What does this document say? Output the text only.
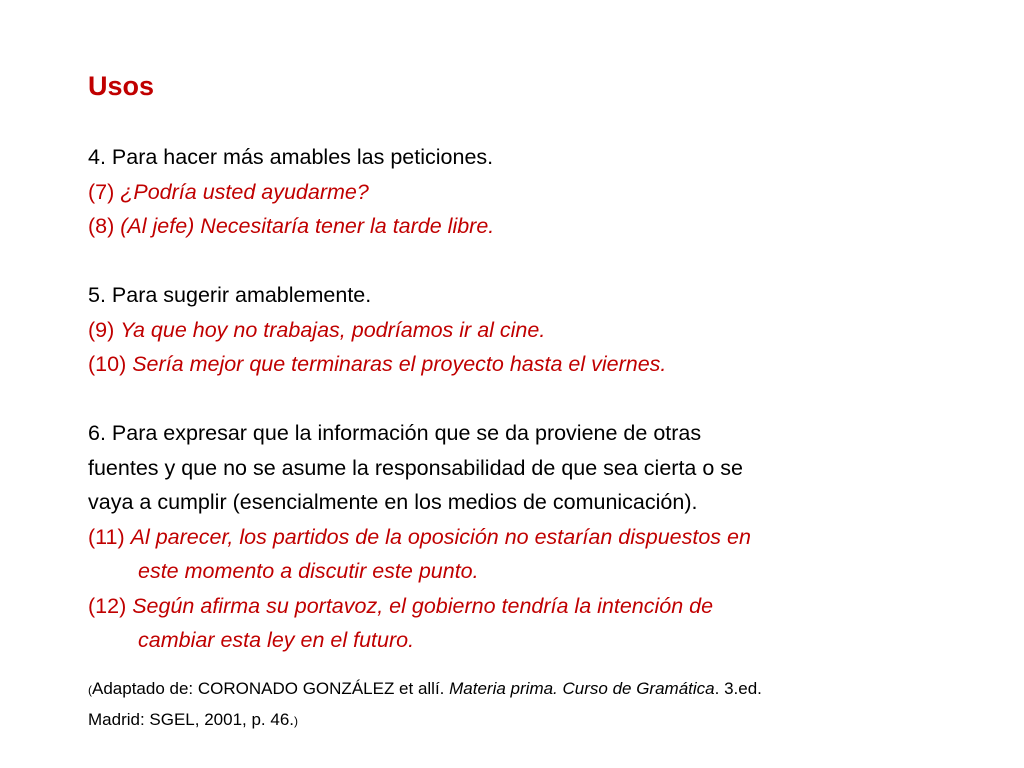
Usos

4. Para hacer más amables las peticiones.

(7) ¿Podría usted ayudarme?

(8) (Al jefe) Necesitaría tener la tarde libre.

5. Para sugerir amablemente.

(9) Ya que hoy no trabajas, podríamos ir al cine.

(10) Sería mejor que terminaras el proyecto hasta el viernes.

6. Para expresar que la información que se da proviene de otras
fuentes y que no se asume la responsabilidad de que sea cierta o se
vaya a cumplir (esencialmente en los medios de comunicación).
(11) Al parecer, los partidos de la oposición no estarían dispuestos en
este momento a discutir este punto.
(12) Según afirma su portavoz, el gobierno tendría la intención de
cambiar esta ley en el futuro.
(Adaptado de: CORONADO GONZÁLEZ et allí. Materia prima. Curso de Gramática. 3.ed.
Madrid: SGEL, 2001, p. 46.)
